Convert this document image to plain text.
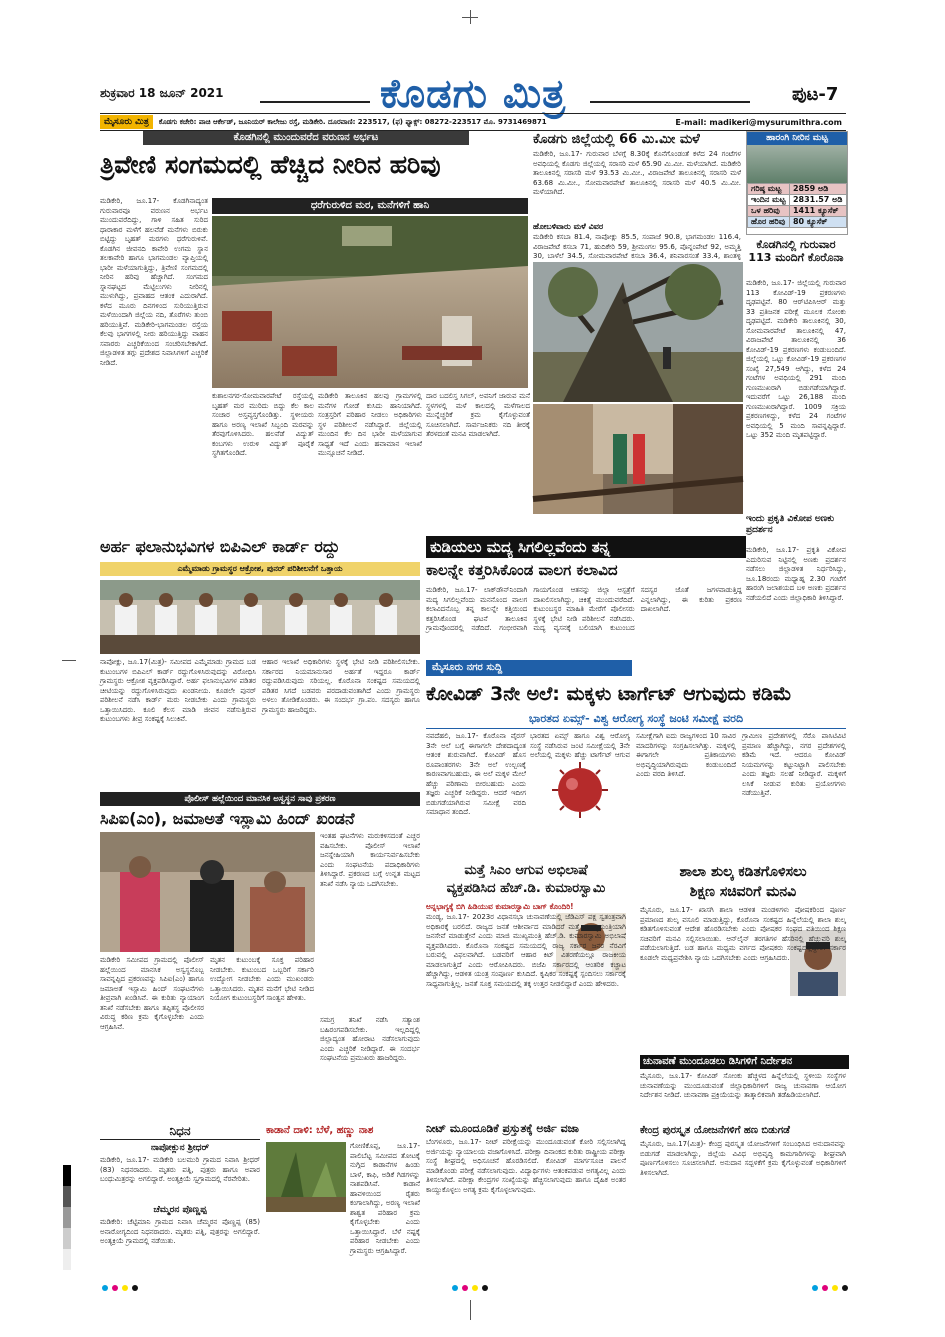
ಶುಕ್ರವಾರ 18 ಜೂನ್ 2021	ಕೊಡಗು ಮಿತ್ರ	ಪುಟ-7
ಮೈಸೂರು ಮಿತ್ರ	ಕೊಡಗು ಕಚೇರಿ: ಪಾಚಿ ಆರ್ಕೇಡ್, ಜೂನಿಯರ್ ಕಾಲೇಜು ರಸ್ತೆ, ಮಡಿಕೇರಿ. ದೂರವಾಣಿ: 223517, (ಫ) ಫ್ಯಾಕ್ಸ್: 08272-223517 ಮೊ. 9731469871	E-mail: madikeri@mysurumithra.com
ಕೊಡಗಿನಲ್ಲಿ ಮುಂದುವರೆದ ವರುಣನ ಅರ್ಭಟ
ತ್ರಿವೇಣಿ ಸಂಗಮದಲ್ಲಿ ಹೆಚ್ಚಿದ ನೀರಿನ ಹರಿವು
ಧರೆಗುರುಳಿದ ಮರ, ಮನೆಗಳಿಗೆ ಹಾನಿ
ಮಡಿಕೇರಿ, ಜೂ.17- ಕೊಡಗಿನಾದ್ಯಂತ ಗುರುವಾರವೂ ವರುಣನ ಅರ್ಭಟ ಮುಂದುವರೆದಿದ್ದು, ಗಾಳಿ ಸಹಿತ ಸುರಿದ ಧಾರಾಕಾರ ಮಳೆಗೆ ಹಲವೆಡೆ ಮನೆಗಳು ಬಿರುಕು ಬಿಟ್ಟಿದ್ದು ಬೃಹತ್ ಮರಗಳು ಧರೆಗುರುಳಿವೆ. ಕೊಡಗಿನ ಜೀವನದಿ ಕಾವೇರಿ ಉಗಮ ಸ್ಥಾನ ತಲಕಾವೇರಿ ಹಾಗೂ ಭಾಗಮಂಡಲ ವ್ಯಾಪ್ತಿಯಲ್ಲಿ ಭಾರೀ ಮಳೆಯಾಗುತ್ತಿದ್ದು, ತ್ರಿವೇಣಿ ಸಂಗಮದಲ್ಲಿ ನೀರಿನ ಹರಿವು ಹೆಚ್ಚಾಗಿದೆ. ಸಂಗಮದ ಸ್ನಾನಘಟ್ಟದ ಮೆಟ್ಟಿಲುಗಳು ನೀರಿನಲ್ಲಿ ಮುಳುಗಿದ್ದು, ಪ್ರವಾಹದ ಆತಂಕ ಎದುರಾಗಿದೆ. ಕಳೆದ ಮೂರು ದಿನಗಳಿಂದ ಸುರಿಯುತ್ತಿರುವ ಮಳೆಯಿಂದಾಗಿ ಜಿಲ್ಲೆಯ ನದಿ, ತೊರೆಗಳು ತುಂಬಿ ಹರಿಯುತ್ತಿವೆ. ಮಡಿಕೇರಿ-ಭಾಗಮಂಡಲ ರಸ್ತೆಯ ಕೆಲವು ಭಾಗಗಳಲ್ಲಿ ನೀರು ಹರಿಯುತ್ತಿದ್ದು ವಾಹನ ಸವಾರರು ಎಚ್ಚರಿಕೆಯಿಂದ ಸಂಚರಿಸಬೇಕಾಗಿದೆ. ಜಿಲ್ಲಾಡಳಿತ ತಗ್ಗು ಪ್ರದೇಶದ ನಿವಾಸಿಗಳಿಗೆ ಎಚ್ಚರಿಕೆ ನೀಡಿದೆ.
ಕುಶಾಲನಗರ-ಸೋಮವಾರಪೇಟೆ ರಸ್ತೆಯಲ್ಲಿ ಬೃಹತ್ ಮರ ಮುರಿದು ಬಿದ್ದು ಕೆಲ ಕಾಲ ಸಂಚಾರ ಅಸ್ತವ್ಯಸ್ತಗೊಂಡಿತ್ತು. ಸ್ಥಳೀಯರು ಹಾಗೂ ಅರಣ್ಯ ಇಲಾಖೆ ಸಿಬ್ಬಂದಿ ಮರವನ್ನು ತೆರವುಗೊಳಿಸಿದರು. ಹಲವೆಡೆ ವಿದ್ಯುತ್ ಕಂಬಗಳು ಉರುಳಿ ವಿದ್ಯುತ್ ಪೂರೈಕೆ ಸ್ಥಗಿತಗೊಂಡಿದೆ.
ಮಡಿಕೇರಿ ತಾಲೂಕಿನ ಹಲವು ಗ್ರಾಮಗಳಲ್ಲಿ ಮನೆಗಳ ಗೋಡೆ ಕುಸಿದು ಹಾನಿಯಾಗಿದೆ. ಸಂತ್ರಸ್ತರಿಗೆ ಪರಿಹಾರ ನೀಡಲು ಅಧಿಕಾರಿಗಳು ಸ್ಥಳ ಪರಿಶೀಲನೆ ನಡೆಸಿದ್ದಾರೆ. ಜಿಲ್ಲೆಯಲ್ಲಿ ಮುಂದಿನ ಕೆಲ ದಿನ ಭಾರೀ ಮಳೆಯಾಗುವ ಸಾಧ್ಯತೆ ಇದೆ ಎಂದು ಹವಾಮಾನ ಇಲಾಖೆ ಮುನ್ಸೂಚನೆ ನೀಡಿದೆ.
ದಾರ ಬದಲಿಸ್ತ ಸಿಗಲ್, ಅವನಿಗೆ ಜಾರುವ ಮನೆ ಸ್ಥಳಗಳಲ್ಲಿ ಮಳೆ ಕಾಲದಲ್ಲಿ ಮಳೆಗಾಲದ ಮುನ್ನೆಚ್ಚರಿಕೆ ಕ್ರಮ ಕೈಗೊಳ್ಳುವಂತೆ ಸೂಚಿಸಲಾಗಿದೆ. ಸಾರ್ವಜನಿಕರು ನದಿ ತೀರಕ್ಕೆ ತೆರಳದಂತೆ ಮನವಿ ಮಾಡಲಾಗಿದೆ.
ಕೊಡಗು ಜಿಲ್ಲೆಯಲ್ಲಿ 66 ಮಿ.ಮೀ ಮಳೆ
ಮಡಿಕೇರಿ, ಜೂ.17- ಗುರುವಾರ ಬೆಳಗ್ಗೆ 8.30ಕ್ಕೆ ಕೊನೆಗೊಂಡಂತೆ ಕಳೆದ 24 ಗಂಟೆಗಳ ಅವಧಿಯಲ್ಲಿ ಕೊಡಗು ಜಿಲ್ಲೆಯಲ್ಲಿ ಸರಾಸರಿ ಮಳೆ 65.90 ಮಿ.ಮೀ. ಮಳೆಯಾಗಿದೆ. ಮಡಿಕೇರಿ ತಾಲೂಕಿನಲ್ಲಿ ಸರಾಸರಿ ಮಳೆ 93.53 ಮಿ.ಮೀ., ವಿರಾಜಪೇಟೆ ತಾಲೂಕಿನಲ್ಲಿ ಸರಾಸರಿ ಮಳೆ 63.68 ಮಿ.ಮೀ., ಸೋಮವಾರಪೇಟೆ ತಾಲೂಕಿನಲ್ಲಿ ಸರಾಸರಿ ಮಳೆ 40.5 ಮಿ.ಮೀ. ಮಳೆಯಾಗಿದೆ.
ಹೋಬಳಿವಾರು ಮಳೆ ವಿವರ
ಮಡಿಕೇರಿ ಕಸಬಾ 81.4, ನಾಪೋಕ್ಲು 85.5, ಸಂಪಾಜೆ 90.8, ಭಾಗಮಂಡಲ 116.4, ವಿರಾಜಪೇಟೆ ಕಸಬಾ 71, ಹುದಿಕೇರಿ 59, ಶ್ರೀಮಂಗಲ 95.6, ಪೊನ್ನಂಪೇಟೆ 92, ಅಮ್ಮತ್ತಿ 30, ಬಾಳೆಲೆ 34.5, ಸೋಮವಾರಪೇಟೆ ಕಸಬಾ 36.4, ಶನಿವಾರಸಂತೆ 33.4, ಶಾಂತಳ್ಳಿ
ಹಾರಂಗಿ ನೀರಿನ ಮಟ್ಟ
ಗರಿಷ್ಠ ಮಟ್ಟ	2859 ಅಡಿ
ಇಂದಿನ ಮಟ್ಟ	2831.57 ಅಡಿ
ಒಳ ಹರಿವು	1411 ಕ್ಯೂಸೆಕ್
ಹೊರ ಹರಿವು	80 ಕ್ಯೂಸೆಕ್
ಕೊಡಗಿನಲ್ಲಿ ಗುರುವಾರ 113 ಮಂದಿಗೆ ಕೊರೊನಾ
ಮಡಿಕೇರಿ, ಜೂ.17- ಜಿಲ್ಲೆಯಲ್ಲಿ ಗುರುವಾರ 113 ಕೋವಿಡ್-19 ಪ್ರಕರಣಗಳು ದೃಢಪಟ್ಟಿವೆ. 80 ಆರ್‌ಟಿಪಿಸಿಆರ್ ಮತ್ತು 33 ಪ್ರತಿಜನಕ ಪರೀಕ್ಷೆ ಮೂಲಕ ಸೋಂಕು ದೃಢಪಟ್ಟಿದೆ. ಮಡಿಕೇರಿ ತಾಲೂಕಿನಲ್ಲಿ 30, ಸೋಮವಾರಪೇಟೆ ತಾಲೂಕಿನಲ್ಲಿ 47, ವಿರಾಜಪೇಟೆ ತಾಲೂಕಿನಲ್ಲಿ 36 ಕೋವಿಡ್-19 ಪ್ರಕರಣಗಳು ಕಂಡುಬಂದಿದೆ. ಜಿಲ್ಲೆಯಲ್ಲಿ ಒಟ್ಟು ಕೋವಿಡ್-19 ಪ್ರಕರಣಗಳ ಸಂಖ್ಯೆ 27,549 ಆಗಿದ್ದು, ಕಳೆದ 24 ಗಂಟೆಗಳ ಅವಧಿಯಲ್ಲಿ 291 ಮಂದಿ ಗುಣಮುಖರಾಗಿ ಬಿಡುಗಡೆಯಾಗಿದ್ದಾರೆ. ಇದುವರೆಗೆ ಒಟ್ಟು 26,188 ಮಂದಿ ಗುಣಮುಖರಾಗಿದ್ದಾರೆ. 1009 ಸಕ್ರಿಯ ಪ್ರಕರಣಗಳಿದ್ದು, ಕಳೆದ 24 ಗಂಟೆಗಳ ಅವಧಿಯಲ್ಲಿ 5 ಮಂದಿ ಸಾವನ್ನಪ್ಪಿದ್ದಾರೆ. ಒಟ್ಟು 352 ಮಂದಿ ಮೃತಪಟ್ಟಿದ್ದಾರೆ.
ಇಂದು ಪ್ರಕೃತಿ ವಿಕೋಪ ಅಣಕು ಪ್ರದರ್ಶನ
ಮಡಿಕೇರಿ, ಜೂ.17- ಪ್ರಕೃತಿ ವಿಕೋಪ ಎದುರಿಸುವ ನಿಟ್ಟಿನಲ್ಲಿ ಅಣಕು ಪ್ರದರ್ಶನ ನಡೆಸಲು ಜಿಲ್ಲಾಡಳಿತ ನಿರ್ಧರಿಸಿದ್ದು, ಜೂ.18ರಂದು ಮಧ್ಯಾಹ್ನ 2.30 ಗಂಟೆಗೆ ಹಾರಂಗಿ ಜಲಾಶಯದ ಬಳಿ ಅಣಕು ಪ್ರದರ್ಶನ ನಡೆಯಲಿದೆ ಎಂದು ಜಿಲ್ಲಾಧಿಕಾರಿ ತಿಳಿಸಿದ್ದಾರೆ.
ಅರ್ಹ ಫಲಾನುಭವಿಗಳ ಬಿಪಿಎಲ್ ಕಾರ್ಡ್ ರದ್ದು
ಎಮ್ಮೆಮಾಡು ಗ್ರಾಮಸ್ಥರ ಆಕ್ರೋಶ, ಪುನರ್ ಪರಿಶೀಲನೆಗೆ ಒತ್ತಾಯ
ನಾಪೋಕ್ಲು, ಜೂ.17(ಮಿತ್ರ)- ಸಮೀಪದ ಎಮ್ಮೆಮಾಡು ಗ್ರಾಮದ ಬಡ ಕುಟುಂಬಗಳ ಬಿಪಿಎಲ್ ಕಾರ್ಡ್ ರದ್ದುಗೊಳಿಸಿರುವುದನ್ನು ವಿರೋಧಿಸಿ ಗ್ರಾಮಸ್ಥರು ಆಕ್ರೋಶ ವ್ಯಕ್ತಪಡಿಸಿದ್ದಾರೆ. ಅರ್ಹ ಫಲಾನುಭವಿಗಳ ಪಡಿತರ ಚೀಟಿಯನ್ನು ರದ್ದುಗೊಳಿಸಿರುವುದು ಖಂಡನೀಯ. ಕೂಡಲೇ ಪುನರ್ ಪರಿಶೀಲನೆ ನಡೆಸಿ ಕಾರ್ಡ್ ಮರು ನೀಡಬೇಕು ಎಂದು ಗ್ರಾಮಸ್ಥರು ಒತ್ತಾಯಿಸಿದರು. ಕೂಲಿ ಕೆಲಸ ಮಾಡಿ ಜೀವನ ನಡೆಸುತ್ತಿರುವ ಕುಟುಂಬಗಳು ತೀವ್ರ ಸಂಕಷ್ಟಕ್ಕೆ ಸಿಲುಕಿವೆ.
ಆಹಾರ ಇಲಾಖೆ ಅಧಿಕಾರಿಗಳು ಸ್ಥಳಕ್ಕೆ ಭೇಟಿ ನೀಡಿ ಪರಿಶೀಲಿಸಬೇಕು. ಸರ್ಕಾರದ ನಿಯಮಾನುಸಾರ ಅರ್ಹತೆ ಇದ್ದರೂ ಕಾರ್ಡ್ ರದ್ದುಪಡಿಸಿರುವುದು ಸರಿಯಲ್ಲ. ಕೊರೊನಾ ಸಂಕಷ್ಟದ ಸಮಯದಲ್ಲಿ ಪಡಿತರ ಸಿಗದೆ ಬಡವರು ಪರದಾಡುವಂತಾಗಿದೆ ಎಂದು ಗ್ರಾಮಸ್ಥರು ಅಳಲು ತೋಡಿಕೊಂಡರು. ಈ ಸಂದರ್ಭ ಗ್ರಾ.ಪಂ. ಸದಸ್ಯರು ಹಾಗೂ ಗ್ರಾಮಸ್ಥರು ಹಾಜರಿದ್ದರು.
ಕುಡಿಯಲು ಮದ್ಯ ಸಿಗಲಿಲ್ಲವೆಂದು ತನ್ನ
ಕಾಲನ್ನೇ ಕತ್ತರಿಸಿಕೊಂಡ ವಾಲಗ ಕಲಾವಿದ
ಮಡಿಕೇರಿ, ಜೂ.17- ಲಾಕ್‌ಡೌನ್‌ನಿಂದಾಗಿ ಮದ್ಯ ಸಿಗಲಿಲ್ಲವೆಂದು ಮನನೊಂದ ವಾಲಗ ಕಲಾವಿದನೊಬ್ಬ ತನ್ನ ಕಾಲನ್ನೇ ಕತ್ತಿಯಿಂದ ಕತ್ತರಿಸಿಕೊಂಡ ಘಟನೆ ತಾಲೂಕಿನ ಗ್ರಾಮವೊಂದರಲ್ಲಿ ನಡೆದಿದೆ. ಗಂಭೀರವಾಗಿ ಗಾಯಗೊಂಡ ಆತನನ್ನು ಜಿಲ್ಲಾ ಆಸ್ಪತ್ರೆಗೆ ದಾಖಲಿಸಲಾಗಿದ್ದು, ಚಿಕಿತ್ಸೆ ಮುಂದುವರೆದಿದೆ. ಕುಟುಂಬಸ್ಥರ ಮಾಹಿತಿ ಮೇರೆಗೆ ಪೊಲೀಸರು ಸ್ಥಳಕ್ಕೆ ಭೇಟಿ ನೀಡಿ ಪರಿಶೀಲನೆ ನಡೆಸಿದರು. ಮದ್ಯ ವ್ಯಸನಕ್ಕೆ ಬಲಿಯಾಗಿ ಕುಟುಂಬದ ಸದಸ್ಯರ ಜೊತೆ ಜಗಳವಾಡುತ್ತಿದ್ದ ಎನ್ನಲಾಗಿದ್ದು, ಈ ಕುರಿತು ಪ್ರಕರಣ ದಾಖಲಾಗಿದೆ.
ಮೈಸೂರು ನಗರ ಸುದ್ದಿ
ಕೋವಿಡ್ 3ನೇ ಅಲೆ: ಮಕ್ಕಳು ಟಾರ್ಗೆಟ್ ಆಗುವುದು ಕಡಿಮೆ
ಭಾರತದ ಏಮ್ಸ್- ವಿಶ್ವ ಆರೋಗ್ಯ ಸಂಸ್ಥೆ ಜಂಟಿ ಸಮೀಕ್ಷೆ ವರದಿ
ನವದೆಹಲಿ, ಜೂ.17- ಕೊರೊನಾ ವೈರಸ್ 3ನೇ ಅಲೆ ಬಗ್ಗೆ ಈಗಾಗಲೇ ದೇಶದಾದ್ಯಂತ ಆತಂಕ ಶುರುವಾಗಿದೆ. ಕೋವಿಡ್ ಹೊಸ ರೂಪಾಂತರಗಳು 3ನೇ ಅಲೆ ಉಲ್ಬಣಕ್ಕೆ ಕಾರಣವಾಗಬಹುದು, ಈ ಅಲೆ ಮಕ್ಕಳ ಮೇಲೆ ಹೆಚ್ಚು ಪರಿಣಾಮ ಬೀರಬಹುದು ಎಂದು ತಜ್ಞರು ಎಚ್ಚರಿಕೆ ನೀಡಿದ್ದರು. ಆದರೆ ಇದೀಗ ಬಿಡುಗಡೆಯಾಗಿರುವ ಸಮೀಕ್ಷೆ ವರದಿ ಸಮಾಧಾನ ತಂದಿದೆ.
ಭಾರತದ ಏಮ್ಸ್ ಹಾಗೂ ವಿಶ್ವ ಆರೋಗ್ಯ ಸಂಸ್ಥೆ ನಡೆಸಿರುವ ಜಂಟಿ ಸಮೀಕ್ಷೆಯಲ್ಲಿ 3ನೇ ಅಲೆಯಲ್ಲಿ ಮಕ್ಕಳು ಹೆಚ್ಚು ಟಾರ್ಗೆಟ್ ಆಗುವ
ಸಮೀಕ್ಷೆಗಾಗಿ ಐದು ರಾಜ್ಯಗಳಿಂದ 10 ಸಾವಿರ ಮಾದರಿಗಳನ್ನು ಸಂಗ್ರಹಿಸಲಾಗಿತ್ತು. ಮಕ್ಕಳಲ್ಲಿ ಈಗಾಗಲೇ ಪ್ರತಿಕಾಯಗಳು ಅಭಿವೃದ್ಧಿಯಾಗಿರುವುದು ಕಂಡುಬಂದಿದೆ ಎಂದು ವರದಿ ತಿಳಿಸಿದೆ.
ಗ್ರಾಮೀಣ ಪ್ರದೇಶಗಳಲ್ಲಿ ಸೆರೊ ಪಾಸಿಟಿವಿಟಿ ಪ್ರಮಾಣ ಹೆಚ್ಚಾಗಿದ್ದು, ನಗರ ಪ್ರದೇಶಗಳಲ್ಲಿ ಕಡಿಮೆ ಇದೆ. ಆದರೂ ಕೋವಿಡ್ ನಿಯಮಗಳನ್ನು ಕಟ್ಟುನಿಟ್ಟಾಗಿ ಪಾಲಿಸಬೇಕು ಎಂದು ತಜ್ಞರು ಸಲಹೆ ನೀಡಿದ್ದಾರೆ. ಮಕ್ಕಳಿಗೆ ಲಸಿಕೆ ನೀಡುವ ಕುರಿತು ಪ್ರಯೋಗಗಳು ನಡೆಯುತ್ತಿವೆ.
ಪೊಲೀಸ್ ಹಲ್ಲೆಯಿಂದ ಮಾನಸಿಕ ಅಸ್ವಸ್ಥನ ಸಾವು ಪ್ರಕರಣ
ಸಿಪಿಐ(ಎಂ), ಜಮಾಅತೆ ಇಸ್ಲಾಮಿ ಹಿಂದ್ ಖಂಡನೆ
ಮಡಿಕೇರಿ ಸಮೀಪದ ಗ್ರಾಮದಲ್ಲಿ ಪೊಲೀಸ್ ಹಲ್ಲೆಯಿಂದ ಮಾನಸಿಕ ಅಸ್ವಸ್ಥನೊಬ್ಬ ಸಾವನ್ನಪ್ಪಿದ ಪ್ರಕರಣವನ್ನು ಸಿಪಿಐ(ಎಂ) ಹಾಗೂ ಜಮಾಅತೆ ಇಸ್ಲಾಮಿ ಹಿಂದ್ ಸಂಘಟನೆಗಳು ತೀವ್ರವಾಗಿ ಖಂಡಿಸಿವೆ. ಈ ಕುರಿತು ನ್ಯಾಯಾಂಗ ತನಿಖೆ ನಡೆಸಬೇಕು ಹಾಗೂ ತಪ್ಪಿತಸ್ಥ ಪೊಲೀಸರ ವಿರುದ್ಧ ಕಠಿಣ ಕ್ರಮ ಕೈಗೊಳ್ಳಬೇಕು ಎಂದು ಆಗ್ರಹಿಸಿವೆ.
ಮೃತನ ಕುಟುಂಬಕ್ಕೆ ಸೂಕ್ತ ಪರಿಹಾರ ನೀಡಬೇಕು. ಕುಟುಂಬದ ಒಬ್ಬರಿಗೆ ಸರ್ಕಾರಿ ಉದ್ಯೋಗ ನೀಡಬೇಕು ಎಂದು ಮುಖಂಡರು ಒತ್ತಾಯಿಸಿದರು. ಮೃತನ ಮನೆಗೆ ಭೇಟಿ ನೀಡಿದ ನಿಯೋಗ ಕುಟುಂಬಸ್ಥರಿಗೆ ಸಾಂತ್ವನ ಹೇಳಿತು.
ಇಂತಹ ಘಟನೆಗಳು ಮರುಕಳಿಸದಂತೆ ಎಚ್ಚರ ವಹಿಸಬೇಕು. ಪೊಲೀಸ್ ಇಲಾಖೆ ಜನಸ್ನೇಹಿಯಾಗಿ ಕಾರ್ಯನಿರ್ವಹಿಸಬೇಕು ಎಂದು ಸಂಘಟನೆಯ ಪದಾಧಿಕಾರಿಗಳು ತಿಳಿಸಿದ್ದಾರೆ. ಪ್ರಕರಣದ ಬಗ್ಗೆ ಉನ್ನತ ಮಟ್ಟದ ತನಿಖೆ ನಡೆಸಿ ನ್ಯಾಯ ಒದಗಿಸಬೇಕು.
ಸಮಗ್ರ ತನಿಖೆ ನಡೆಸಿ ಸತ್ಯಾಂಶ ಬಹಿರಂಗಪಡಿಸಬೇಕು. ಇಲ್ಲದಿದ್ದಲ್ಲಿ ಜಿಲ್ಲಾದ್ಯಂತ ಹೋರಾಟ ನಡೆಸಲಾಗುವುದು ಎಂದು ಎಚ್ಚರಿಕೆ ನೀಡಿದ್ದಾರೆ. ಈ ಸಂದರ್ಭ ಸಂಘಟನೆಯ ಪ್ರಮುಖರು ಹಾಜರಿದ್ದರು.
ಮತ್ತೆ ಸಿಎಂ ಆಗುವ ಅಭಿಲಾಷೆ
ವ್ಯಕ್ತಪಡಿಸಿದ ಹೆಚ್.ಡಿ. ಕುಮಾರಸ್ವಾಮಿ
ಅನ್ನಭಾಗ್ಯಕ್ಕೆ ಬಿಗಿ ಹಿಡಿಯುವ ಕುಮಾರಸ್ವಾಮಿ ಬಾಗ್ ಕೊಂದಿರಿ!
ಮಂಡ್ಯ, ಜೂ.17- 2023ರ ವಿಧಾನಸಭಾ ಚುನಾವಣೆಯಲ್ಲಿ ಜೆಡಿಎಸ್ ಪಕ್ಷ ಸ್ವತಂತ್ರವಾಗಿ ಅಧಿಕಾರಕ್ಕೆ ಬರಲಿದೆ. ರಾಜ್ಯದ ಜನತೆ ಆಶೀರ್ವಾದ ಮಾಡಿದರೆ ಮತ್ತೆ ಮುಖ್ಯಮಂತ್ರಿಯಾಗಿ ಜನಸೇವೆ ಮಾಡುತ್ತೇನೆ ಎಂದು ಮಾಜಿ ಮುಖ್ಯಮಂತ್ರಿ ಹೆಚ್.ಡಿ. ಕುಮಾರಸ್ವಾಮಿ ಅಭಿಲಾಷೆ ವ್ಯಕ್ತಪಡಿಸಿದರು. ಕೊರೊನಾ ಸಂಕಷ್ಟದ ಸಮಯದಲ್ಲಿ ರಾಜ್ಯ ಸರ್ಕಾರ ಜನರ ನೆರವಿಗೆ ಬರುವಲ್ಲಿ ವಿಫಲವಾಗಿದೆ. ಬಡವರಿಗೆ ಆಹಾರ ಕಿಟ್ ವಿತರಣೆಯಲ್ಲೂ ರಾಜಕೀಯ ಮಾಡಲಾಗುತ್ತಿದೆ ಎಂದು ಆರೋಪಿಸಿದರು. ಬಿಜೆಪಿ ಸರ್ಕಾರದಲ್ಲಿ ಆಂತರಿಕ ಕಚ್ಚಾಟ ಹೆಚ್ಚಾಗಿದ್ದು, ಆಡಳಿತ ಯಂತ್ರ ಸಂಪೂರ್ಣ ಕುಸಿದಿದೆ. ಕೃಷಿಕರ ಸಂಕಷ್ಟಕ್ಕೆ ಸ್ಪಂದಿಸಲು ಸರ್ಕಾರಕ್ಕೆ ಸಾಧ್ಯವಾಗುತ್ತಿಲ್ಲ. ಜನತೆ ಸೂಕ್ತ ಸಮಯದಲ್ಲಿ ತಕ್ಕ ಉತ್ತರ ನೀಡಲಿದ್ದಾರೆ ಎಂದು ಹೇಳಿದರು.
ಶಾಲಾ ಶುಲ್ಕ ಕಡಿತಗೊಳಿಸಲು
ಶಿಕ್ಷಣ ಸಚಿವರಿಗೆ ಮನವಿ
ಮೈಸೂರು, ಜೂ.17- ಖಾಸಗಿ ಶಾಲಾ ಆಡಳಿತ ಮಂಡಳಿಗಳು ಪೋಷಕರಿಂದ ಪೂರ್ಣ ಪ್ರಮಾಣದ ಶುಲ್ಕ ವಸೂಲಿ ಮಾಡುತ್ತಿದ್ದು, ಕೊರೊನಾ ಸಂಕಷ್ಟದ ಹಿನ್ನೆಲೆಯಲ್ಲಿ ಶಾಲಾ ಶುಲ್ಕ ಕಡಿತಗೊಳಿಸುವಂತೆ ಆದೇಶ ಹೊರಡಿಸಬೇಕು ಎಂದು ಪೋಷಕರ ಸಂಘದ ವತಿಯಿಂದ ಶಿಕ್ಷಣ ಸಚಿವರಿಗೆ ಮನವಿ ಸಲ್ಲಿಸಲಾಯಿತು. ಆನ್‌ಲೈನ್ ತರಗತಿಗಳ ಹೆಸರಿನಲ್ಲಿ ಹೆಚ್ಚುವರಿ ಶುಲ್ಕ ಪಡೆಯಲಾಗುತ್ತಿದೆ. ಬಡ ಹಾಗೂ ಮಧ್ಯಮ ವರ್ಗದ ಪೋಷಕರು ಸಂಕಷ್ಟದಲ್ಲಿದ್ದಾರೆ. ಸರ್ಕಾರ ಕೂಡಲೇ ಮಧ್ಯಪ್ರವೇಶಿಸಿ ನ್ಯಾಯ ಒದಗಿಸಬೇಕು ಎಂದು ಆಗ್ರಹಿಸಿದರು.
ಚುನಾವಣೆ ಮುಂದೂಡಲು ಡಿಸಿಗಳಿಗೆ ನಿರ್ದೇಶನ
ಮೈಸೂರು, ಜೂ.17- ಕೋವಿಡ್ ಸೋಂಕು ಹೆಚ್ಚಳದ ಹಿನ್ನೆಲೆಯಲ್ಲಿ ಸ್ಥಳೀಯ ಸಂಸ್ಥೆಗಳ ಚುನಾವಣೆಯನ್ನು ಮುಂದೂಡುವಂತೆ ಜಿಲ್ಲಾಧಿಕಾರಿಗಳಿಗೆ ರಾಜ್ಯ ಚುನಾವಣಾ ಆಯೋಗ ನಿರ್ದೇಶನ ನೀಡಿದೆ. ಚುನಾವಣಾ ಪ್ರಕ್ರಿಯೆಯನ್ನು ತಾತ್ಕಾಲಿಕವಾಗಿ ತಡೆಹಿಡಿಯಲಾಗಿದೆ.
ನೀಟ್ ಮೂಂದೂಡಿಕೆ ಪ್ರಸ್ತುತಕ್ಕೆ ಅರ್ಜಿ ವಜಾ
ಬೆಂಗಳೂರು, ಜೂ.17- ನೀಟ್ ಪರೀಕ್ಷೆಯನ್ನು ಮುಂದೂಡುವಂತೆ ಕೋರಿ ಸಲ್ಲಿಸಲಾಗಿದ್ದ ಅರ್ಜಿಯನ್ನು ನ್ಯಾಯಾಲಯ ವಜಾಗೊಳಿಸಿದೆ. ಪರೀಕ್ಷಾ ದಿನಾಂಕದ ಕುರಿತು ರಾಷ್ಟ್ರೀಯ ಪರೀಕ್ಷಾ ಸಂಸ್ಥೆ ಶೀಘ್ರದಲ್ಲಿ ಅಧಿಸೂಚನೆ ಹೊರಡಿಸಲಿದೆ. ಕೋವಿಡ್ ಮಾರ್ಗಸೂಚಿ ಪಾಲನೆ ಮಾಡಿಕೊಂಡು ಪರೀಕ್ಷೆ ನಡೆಸಲಾಗುವುದು. ವಿದ್ಯಾರ್ಥಿಗಳು ಆತಂಕಪಡುವ ಅಗತ್ಯವಿಲ್ಲ ಎಂದು ತಿಳಿಸಲಾಗಿದೆ. ಪರೀಕ್ಷಾ ಕೇಂದ್ರಗಳ ಸಂಖ್ಯೆಯನ್ನು ಹೆಚ್ಚಿಸಲಾಗುವುದು ಹಾಗೂ ದೈಹಿಕ ಅಂತರ ಕಾಯ್ದುಕೊಳ್ಳಲು ಅಗತ್ಯ ಕ್ರಮ ಕೈಗೊಳ್ಳಲಾಗುವುದು.
ಕೇಂದ್ರ ಪುರಸ್ಕೃತ ಯೋಜನೆಗಳಿಗೆ ಹಣ ಬಿಡುಗಡೆ
ಮೈಸೂರು, ಜೂ.17(ಮಿತ್ರ)- ಕೇಂದ್ರ ಪುರಸ್ಕೃತ ಯೋಜನೆಗಳಿಗೆ ಸಂಬಂಧಿಸಿದ ಅನುದಾನವನ್ನು ಬಿಡುಗಡೆ ಮಾಡಲಾಗಿದ್ದು, ಜಿಲ್ಲೆಯ ವಿವಿಧ ಅಭಿವೃದ್ಧಿ ಕಾಮಗಾರಿಗಳನ್ನು ಶೀಘ್ರವಾಗಿ ಪೂರ್ಣಗೊಳಿಸಲು ಸೂಚಿಸಲಾಗಿದೆ. ಅನುದಾನ ಸದ್ಬಳಕೆಗೆ ಕ್ರಮ ಕೈಗೊಳ್ಳುವಂತೆ ಅಧಿಕಾರಿಗಳಿಗೆ ತಿಳಿಸಲಾಗಿದೆ.
ನಿಧನ
ನಾಪೋಕ್ಲುನ ಶ್ರೀಧರ್
ಮಡಿಕೇರಿ, ಜೂ.17- ಮಡಿಕೇರಿ ಬಲಮುರಿ ಗ್ರಾಮದ ನಿವಾಸಿ ಶ್ರೀಧರ್ (83) ನಿಧನರಾದರು. ಮೃತರು ಪತ್ನಿ, ಪುತ್ರರು ಹಾಗೂ ಅಪಾರ ಬಂಧುಮಿತ್ರರನ್ನು ಅಗಲಿದ್ದಾರೆ. ಅಂತ್ಯಕ್ರಿಯೆ ಸ್ವಗ್ರಾಮದಲ್ಲಿ ನೆರವೇರಿತು.
ಚೆಮ್ಮರನ ಪೊಣ್ಣಪ್ಪ
ಮಡಿಕೇರಿ: ಚೆಟ್ಟಿಮಾನಿ ಗ್ರಾಮದ ನಿವಾಸಿ ಚೆಮ್ಮರನ ಪೊಣ್ಣಪ್ಪ (85) ಅನಾರೋಗ್ಯದಿಂದ ನಿಧನರಾದರು. ಮೃತರು ಪತ್ನಿ, ಪುತ್ರರನ್ನು ಅಗಲಿದ್ದಾರೆ. ಅಂತ್ಯಕ್ರಿಯೆ ಗ್ರಾಮದಲ್ಲಿ ನಡೆಯಿತು.
ಕಾಡಾನೆ ದಾಳಿ: ಬೆಳೆ, ಹಣ್ಣು ನಾಶ
ಗೋಣಿಕೊಪ್ಪ, ಜೂ.17- ಪಾಲಿಬೆಟ್ಟ ಸಮೀಪದ ತೋಟಕ್ಕೆ ನುಗ್ಗಿದ ಕಾಡಾನೆಗಳ ಹಿಂಡು ಬಾಳೆ, ಕಾಫಿ, ಅಡಿಕೆ ಗಿಡಗಳನ್ನು ನಾಶಪಡಿಸಿವೆ. ಕಾಡಾನೆ ಹಾವಳಿಯಿಂದ ರೈತರು ಕಂಗಾಲಾಗಿದ್ದು, ಅರಣ್ಯ ಇಲಾಖೆ ಶಾಶ್ವತ ಪರಿಹಾರ ಕ್ರಮ ಕೈಗೊಳ್ಳಬೇಕು ಎಂದು ಒತ್ತಾಯಿಸಿದ್ದಾರೆ. ಬೆಳೆ ನಷ್ಟಕ್ಕೆ ಪರಿಹಾರ ನೀಡಬೇಕು ಎಂದು ಗ್ರಾಮಸ್ಥರು ಆಗ್ರಹಿಸಿದ್ದಾರೆ.
